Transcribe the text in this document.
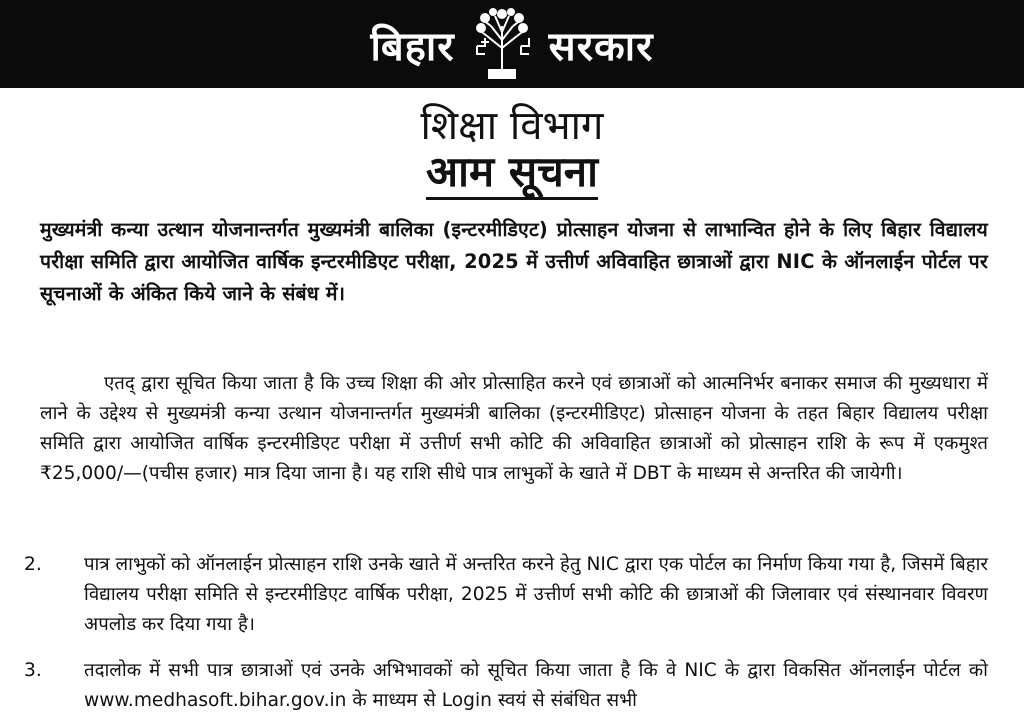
बिहार सरकार
शिक्षा विभाग
आम सूचना
मुख्यमंत्री कन्या उत्थान योजनान्तर्गत मुख्यमंत्री बालिका (इन्टरमीडिएट) प्रोत्साहन योजना से लाभान्वित होने के लिए बिहार विद्यालय परीक्षा समिति द्वारा आयोजित वार्षिक इन्टरमीडिएट परीक्षा, 2025 में उत्तीर्ण अविवाहित छात्राओं द्वारा NIC के ऑनलाईन पोर्टल पर सूचनाओं के अंकित किये जाने के संबंध में।
एतद् द्वारा सूचित किया जाता है कि उच्च शिक्षा की ओर प्रोत्साहित करने एवं छात्राओं को आत्मनिर्भर बनाकर समाज की मुख्यधारा में लाने के उद्देश्य से मुख्यमंत्री कन्या उत्थान योजनान्तर्गत मुख्यमंत्री बालिका (इन्टरमीडिएट) प्रोत्साहन योजना के तहत बिहार विद्यालय परीक्षा समिति द्वारा आयोजित वार्षिक इन्टरमीडिएट परीक्षा में उत्तीर्ण सभी कोटि की अविवाहित छात्राओं को प्रोत्साहन राशि के रूप में एकमुश्त ₹25,000/—(पचीस हजार) मात्र दिया जाना है। यह राशि सीधे पात्र लाभुकों के खाते में DBT के माध्यम से अन्तरित की जायेगी।
2.	पात्र लाभुकों को ऑनलाईन प्रोत्साहन राशि उनके खाते में अन्तरित करने हेतु NIC द्वारा एक पोर्टल का निर्माण किया गया है, जिसमें बिहार विद्यालय परीक्षा समिति से इन्टरमीडिएट वार्षिक परीक्षा, 2025 में उत्तीर्ण सभी कोटि की छात्राओं की जिलावार एवं संस्थानवार विवरण अपलोड कर दिया गया है।
3.	तदालोक में सभी पात्र छात्राओं एवं उनके अभिभावकों को सूचित किया जाता है कि वे NIC के द्वारा विकसित ऑनलाईन पोर्टल को www.medhasoft.bihar.gov.in के माध्यम से Login स्वयं से संबंधित सभी
